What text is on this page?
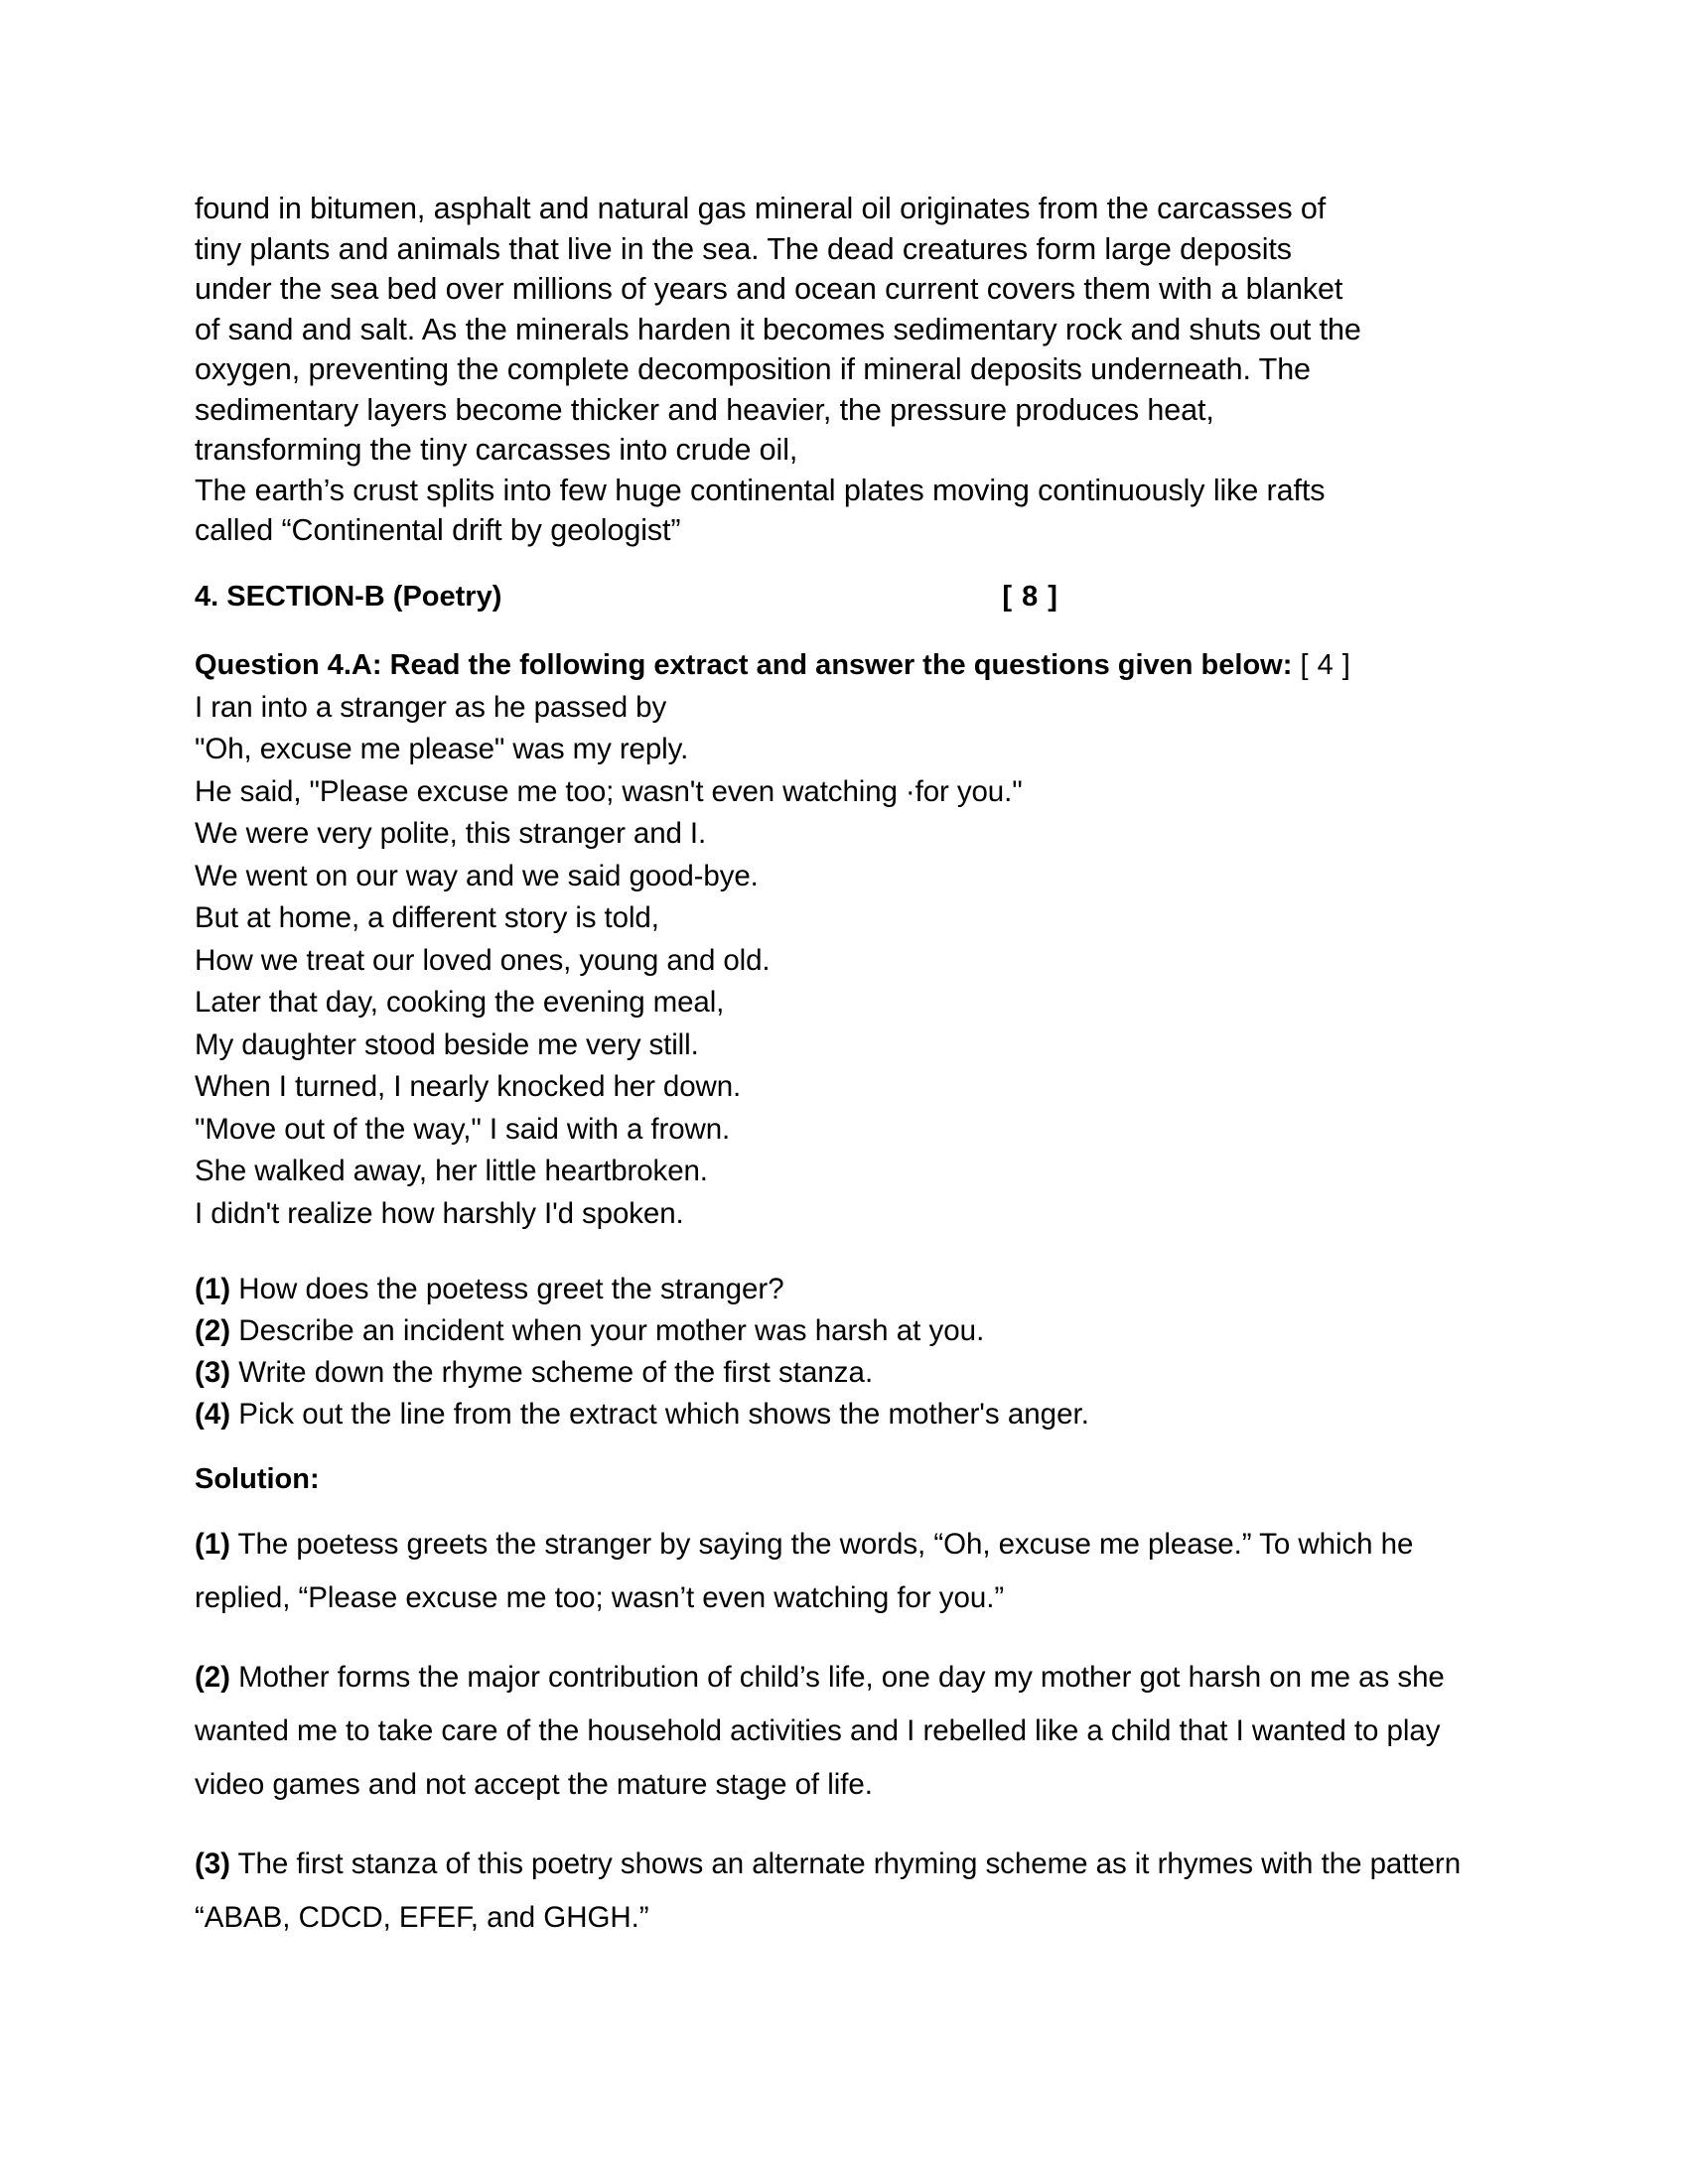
found in bitumen, asphalt and natural gas mineral oil originates from the carcasses of
tiny plants and animals that live in the sea. The dead creatures form large deposits
under the sea bed over millions of years and ocean current covers them with a blanket
of sand and salt. As the minerals harden it becomes sedimentary rock and shuts out the
oxygen, preventing the complete decomposition if mineral deposits underneath. The
sedimentary layers become thicker and heavier, the pressure produces heat,
transforming the tiny carcasses into crude oil,
The earth’s crust splits into few huge continental plates moving continuously like rafts
called “Continental drift by geologist”
4. SECTION-B (Poetry)	[ 8 ]
Question 4.A: Read the following extract and answer the questions given below: [ 4 ]
I ran into a stranger as he passed by
"Oh, excuse me please" was my reply.
He said, "Please excuse me too; wasn't even watching ·for you."
We were very polite, this stranger and I.
We went on our way and we said good-bye.
But at home, a different story is told,
How we treat our loved ones, young and old.
Later that day, cooking the evening meal,
My daughter stood beside me very still.
When I turned, I nearly knocked her down.
"Move out of the way," I said with a frown.
She walked away, her little heartbroken.
I didn't realize how harshly I'd spoken.
(1) How does the poetess greet the stranger?
(2) Describe an incident when your mother was harsh at you.
(3) Write down the rhyme scheme of the first stanza.
(4) Pick out the line from the extract which shows the mother's anger.
Solution:
(1) The poetess greets the stranger by saying the words, “Oh, excuse me please.” To which he replied, “Please excuse me too; wasn’t even watching for you.”
(2) Mother forms the major contribution of child’s life, one day my mother got harsh on me as she wanted me to take care of the household activities and I rebelled like a child that I wanted to play video games and not accept the mature stage of life.
(3) The first stanza of this poetry shows an alternate rhyming scheme as it rhymes with the pattern “ABAB, CDCD, EFEF, and GHGH.”
